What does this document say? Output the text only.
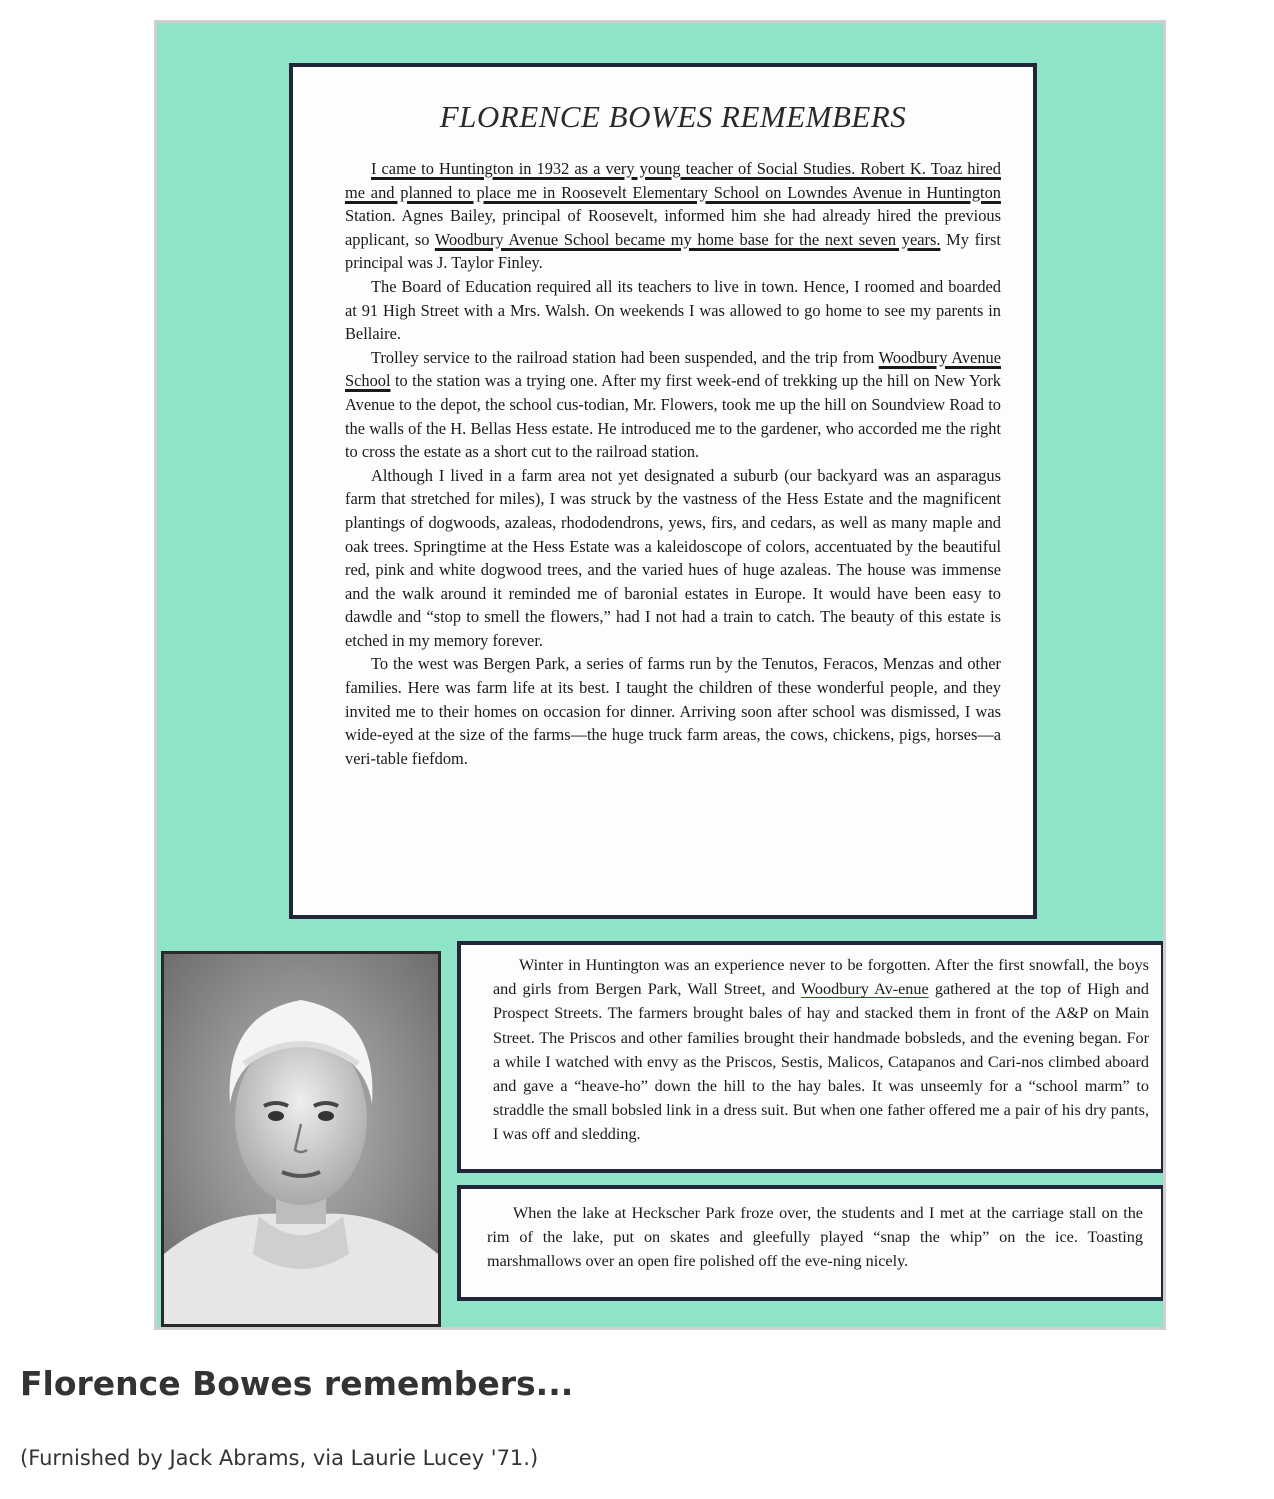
FLORENCE BOWES REMEMBERS

I came to Huntington in 1932 as a very young teacher of Social Studies. Robert K. Toaz hired me and planned to place me in Roosevelt Elementary School on Lowndes Avenue in Huntington Station. Agnes Bailey, principal of Roosevelt, informed him she had already hired the previous applicant, so Woodbury Avenue School became my home base for the next seven years. My first principal was J. Taylor Finley.

The Board of Education required all its teachers to live in town. Hence, I roomed and boarded at 91 High Street with a Mrs. Walsh. On weekends I was allowed to go home to see my parents in Bellaire.

Trolley service to the railroad station had been suspended, and the trip from Woodbury Avenue School to the station was a trying one. After my first week-end of trekking up the hill on New York Avenue to the depot, the school cus-todian, Mr. Flowers, took me up the hill on Soundview Road to the walls of the H. Bellas Hess estate. He introduced me to the gardener, who accorded me the right to cross the estate as a short cut to the railroad station.

Although I lived in a farm area not yet designated a suburb (our backyard was an asparagus farm that stretched for miles), I was struck by the vastness of the Hess Estate and the magnificent plantings of dogwoods, azaleas, rhododendrons, yews, firs, and cedars, as well as many maple and oak trees. Springtime at the Hess Estate was a kaleidoscope of colors, accentuated by the beautiful red, pink and white dogwood trees, and the varied hues of huge azaleas. The house was immense and the walk around it reminded me of baronial estates in Europe. It would have been easy to dawdle and “stop to smell the flowers,” had I not had a train to catch. The beauty of this estate is etched in my memory forever.

To the west was Bergen Park, a series of farms run by the Tenutos, Feracos, Menzas and other families. Here was farm life at its best. I taught the children of these wonderful people, and they invited me to their homes on occasion for dinner. Arriving soon after school was dismissed, I was wide-eyed at the size of the farms—the huge truck farm areas, the cows, chickens, pigs, horses—a veri-table fiefdom.

Winter in Huntington was an experience never to be forgotten. After the first snowfall, the boys and girls from Bergen Park, Wall Street, and Woodbury Av-enue gathered at the top of High and Prospect Streets. The farmers brought bales of hay and stacked them in front of the A&P on Main Street. The Priscos and other families brought their handmade bobsleds, and the evening began. For a while I watched with envy as the Priscos, Sestis, Malicos, Catapanos and Cari-nos climbed aboard and gave a “heave-ho” down the hill to the hay bales. It was unseemly for a “school marm” to straddle the small bobsled link in a dress suit. But when one father offered me a pair of his dry pants, I was off and sledding.

When the lake at Heckscher Park froze over, the students and I met at the carriage stall on the rim of the lake, put on skates and gleefully played “snap the whip” on the ice. Toasting marshmallows over an open fire polished off the eve-ning nicely.

Florence Bowes remembers...

(Furnished by Jack Abrams, via Laurie Lucey '71.)
